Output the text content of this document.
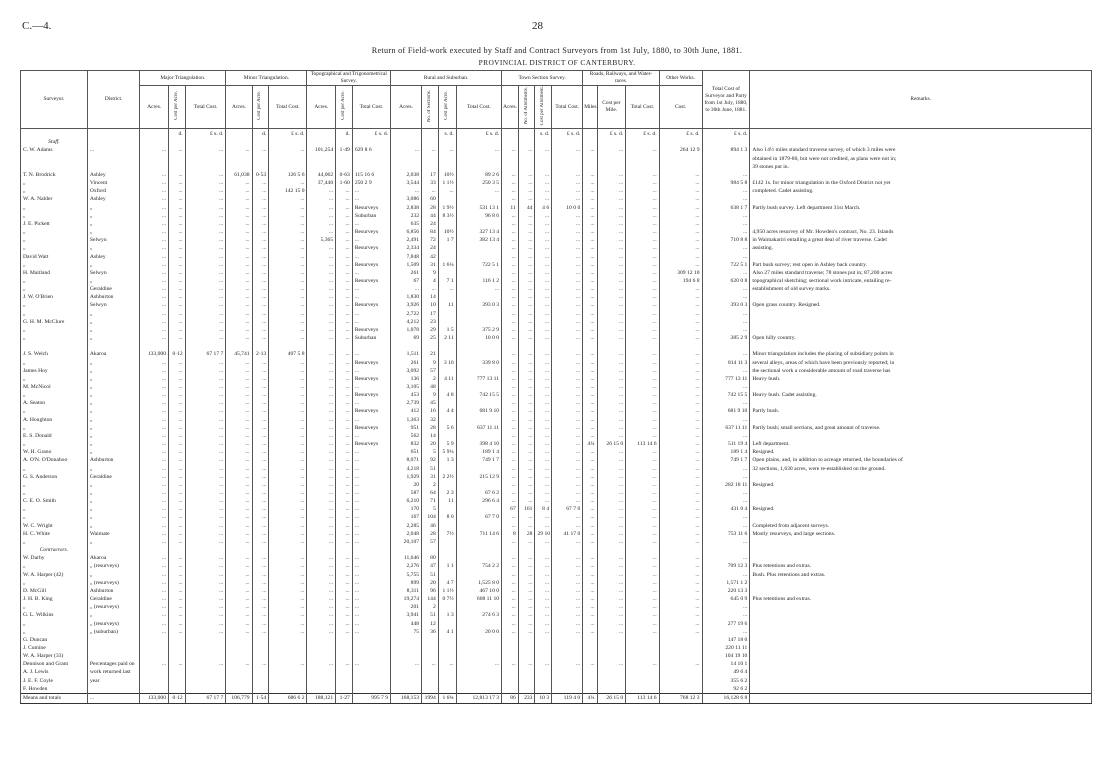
C.—4.	28
Return of Field-work executed by Staff and Contract Surveyors from 1st July, 1880, to 30th June, 1881.
PROVINCIAL DISTRICT OF CANTERBURY.
Surveyor.	District.	Major Triangulation.			Minor Triangulation.			Topographical and Trigonometrical Survey.			Rural and Suburban.				Town Section Survey.				Roads, Railways, and Water-races.			Other Works.	Total Cost of Surveyor and Party from 1st July, 1880, to 30th June, 1881.	Remarks.
		Acres.	Cost per Acre.	Total Cost.	Acres.	Cost per Acre.	Total Cost.	Acres.	Cost per Acre.	Total Cost.	Acres.	No. of Sections.	Cost per Acre.	Total Cost.	Acres.	No. of Allotments.	Cost per Allotment.	Total Cost.	Miles.	Cost per Mile.	Total Cost.	Cost.		
			d.	£ s. d.		d.	£ s. d.		d.	£ s. d.			s. d.	£ s. d.			s. d.	£ s. d.		£ s. d.	£ s. d.	£ s. d.	£ s. d.	
Staff.																								
C. W. Adams	...	...	...	...	...	...	...	101,254	1·49	629 8 6	...	...	...	...	...	...	...	...	...	...	...	264 12 9	894 1 3	Also 14½ miles standard traverse survey, of which 3 miles were
																								obtained in 1879-80, but were not credited, as plans were not in;
																								39 stones put in.
T. N. Brodrick	Ashley	...	...	...	61,038	0·53	126 5 6	44,062	0·63	115 16 6	2,038	17	10½	89 2 6	...	...	...	...	...	...	...	...	...	
„	Vincent	...	...	...	...	...	...	37,440	1·60	250 2 9	3,544	33	1 1½	250 3 5	...	...	...	...	...	...	...	...	984 5 8	£142 1s. for minor triangulation in the Oxford District not yet
„	Oxford	...	...	...	...	...	142 15 0	...	...	...	...	...	...	...	...	...	...	...	...	...	...	...	...	completed. Cadet assisting.
W. A. Nalder	Ashley	...	...	...	...	...	...	...	...	...	3,086	60			...	...	...	...	...	...	...	...	...	
„	„	...	...	...	...	...	...	...	...	Resurveys	2,838	28	1 9½	531 13 1	11	44	4 6	10 0 0	...	...	...	...	638 1 7	Partly bush survey. Left department 31st March.
„	„	...	...	...	...	...	...	...	...	Suburban	232	44	8 3½	96 8 6	...	...	...	...	...	...	...	...	...	
J. E. Pickett	„	...	...	...	...	...	...	...	...	...	635	24			...	...	...	...	...	...	...	...	...	
„	„	...	...	...	...	...	...	...	...	Resurveys	6,856	84	10½	327 13 4	...	...	...	...	...	...	...	...	...	4,950 acres resurvey of Mr. Howden's contract, No. 23. Islands
„	Selwyn	...	...	...	...	...	...	5,365	...	...	2,491	72	1 7	382 13 4	...	...	...	...	...	...	...	...	710 8 8	in Waimakariri entailing a great deal of river traverse. Cadet
„	„	...	...	...	...	...	...	...	...	Resurveys	2,334	24			...	...	...	...	...	...	...	...	...	assisting.
David Watt	Ashley	...	...	...	...	...	...	...	...	...	7,848	42			...	...	...	...	...	...	...	...	...	
„	„	...	...	...	...	...	...	...	...	Resurveys	1,509	31	1 6¼	722 5 1	...	...	...	...	...	...	...	...	722 5 1	Part bush survey; rest open in Ashley back country.
H. Maitland	Selwyn	...	...	...	...	...	...	...	...	...	261	9			...	...	...	...	...	...	...	309 12 10	...	Also 27 miles standard traverse; 78 stones put in; 87,200 acres
„	„	...	...	...	...	...	...	...	...	Resurveys	67	4	7 1	116 1 2	...	...	...	...	...	...	...	194 6 8	620 0 8	topographical sketching; sectional work intricate, entailing re-
„	Geraldine	...	...	...	...	...	...	...	...	...	...	...	...	...	...	...	...	...	...	...	...	...	...	establishment of old survey marks.
J. W. O'Brien	Ashburton	...	...	...	...	...	...	...	...	...	1,830	14			...	...	...	...	...	...	...	...	...	
„	Selwyn	...	...	...	...	...	...	...	...	Resurveys	3,926	10	11	393 0 3	...	...	...	...	...	...	...	...	393 0 3	Open grass country. Resigned.
„	„	...	...	...	...	...	...	...	...	...	2,722	17			...	...	...	...	...	...	...	...	...	
G. H. M. McClure	„	...	...	...	...	...	...	...	...	...	4,212	23			...	...	...	...	...	...	...	...	...	
„	„	...	...	...	...	...	...	...	...	Resurveys	1,078	29	1 5	375 2 9	...	...	...	...	...	...	...	...	...	
„	„	...	...	...	...	...	...	...	...	Suburban	69	25	2 11	10 0 0	...	...	...	...	...	...	...	...	385 2 9	Open hilly country.

J. S. Welch	Akaroa	133,000	0·12	67 17 7	45,741	2·13	407 5 8	...	...	...	1,511	21			...	...	...	...	...	...	...	...	...	Minor triangulation includes the placing of subsidiary points in
„	„	...	...	...	...	...	...	...	...	Resurveys	261	9	3 10	339 8 0	...	...	...	...	...	...	...	...	814 11 3	several alleys, areas of which have been previously reported; in
James Hoy	„	...	...	...	...	...	...	...	...	...	3,092	57			...	...	...	...	...	...	...	...	...	the sectional work a considerable amount of road traverse has
„	„	...	...	...	...	...	...	...	...	Resurveys	136	2	4 11	777 13 11	...	...	...	...	...	...	...	...	777 13 11	Heavy bush.
M. McNicol	„	...	...	...	...	...	...	...	...	...	3,105	48			...	...	...	...	...	...	...	...	...	
„	„	...	...	...	...	...	...	...	...	Resurveys	453	9	4 8	742 15 5	...	...	...	...	...	...	...	...	742 15 5	Heavy bush. Cadet assisting.
A. Seaton	„	...	...	...	...	...	...	...	...	...	2,739	45			...	...	...	...	...	...	...	...	...	
„	„	...	...	...	...	...	...	...	...	Resurveys	412	16	4 4	681 9 10	...	...	...	...	...	...	...	...	681 9 10	Partly bush.
A. Houghton	„	...	...	...	...	...	...	...	...	...	1,363	32			...	...	...	...	...	...	...	...	...	
„	„	...	...	...	...	...	...	...	...	Resurveys	951	28	5 6	637 11 11	...	...	...	...	...	...	...	...	637 11 11	Partly bush; small sections, and great amount of traverse.
E. S. Donald	„	...	...	...	...	...	...	...	...	...	562	14			...	...	...	...	...	...	...	...	...	
„	„	...	...	...	...	...	...	...	...	Resurveys	832	20	5 9	398 4 10	...	...	...	...	4¼	26 15 0	113 14 6	...	511 19 4	Left department.
W. H. Grano	„	...	...	...	...	...	...	...	...	...	651	5	5 9¼	189 1 4	...	...	...	...	...	...	...	...	189 1 4	Resigned.
A. O'N. O'Donahoo	Ashburton	...	...	...	...	...	...	...	...	...	8,071	92	1 3	749 1 7	...	...	...	...	...	...	...	...	749 1 7	Open plains, and, in addition to acreage returned, the boundaries of
„	„	...	...	...	...	...	...	...	...	...	4,218	51			...	...	...	...	...	...	...	...	...	32 sections, 1,630 acres, were re-established on the ground.
G. S. Anderson	Geraldine	...	...	...	...	...	...	...	...	...	1,929	31	2 2½	215 12 9	...	...	...	...	...	...	...	...	...	
„	„	...	...	...	...	...	...	...	...	...	20	2			...	...	...	...	...	...	...	...	282 18 11	Resigned.
„	„	...	...	...	...	...	...	...	...	...	587	64	2 3	67 6 2	...	...	...	...	...	...	...	...	...	
C. E. O. Smith	„	...	...	...	...	...	...	...	...	...	6,210	71	11	296 6 4	...	...	...	...	...	...	...	...	...	
„	„	...	...	...	...	...	...	...	...	...	170	5			67	161	8 4	67 7 0	...	...	...	...	431 0 4	Resigned.
„	„	...	...	...	...	...	...	...	...	...	167	104	8 0	67 7 0	...	...	...	...	...	...	...	...	...	
W. C. Wright	„	...	...	...	...	...	...	...	...	...	2,285	46			...	...	...	...	...	...	...	...	...	Completed from adjacent surveys.
H. C. White	Waimate	...	...	...	...	...	...	...	...	...	2,048	28	7½	711 14 6	8	28	29 10	41 17 0	...	...	...	...	753 11 6	Mostly resurveys, and large sections.
„	„	...	...	...	...	...	...	...	...	...	20,107	57			...	...	...	...	...	...	...	...	...	
Contractors.																								
W. Darby	Akaroa	...	...	...	...	...	...	...	...	...	11,646	80			...	...	...	...	...	...	...	...	...	
„	„ (resurveys)	...	...	...	...	...	...	...	...	...	2,276	47	1 1	754 2 2	...	...	...	...	...	...	...	...	709 12 3	Plus retentions and extras.
W. A. Harper (42)	„	...	...	...	...	...	...	...	...	...	5,755	51			...	...	...	...	...	...	...	...	...	Bush. Plus retentions and extras.
„	„ (resurveys)	...	...	...	...	...	...	...	...	...	899	20	4 7	1,525 8 0	...	...	...	...	...	...	...	...	1,571 1 2	
D. McGill	Ashburton	...	...	...	...	...	...	...	...	...	8,311	96	1 1½	467 10 0	...	...	...	...	...	...	...	...	220 13 3	
J. H. B. King	Geraldine	...	...	...	...	...	...	...	...	...	19,274	144	0 7½	608 11 10	...	...	...	...	...	...	...	...	645 0 9	Plus retentions and extras.
„	„ (resurveys)	...	...	...	...	...	...	...	...	...	201	2			...	...	...	...	...	...	...	...	...	
G. L. Wilkins	„	...	...	...	...	...	...	...	...	...	3,941	51	1 3	274 6 3	...	...	...	...	...	...	...	...	...	
„	„ (resurveys)	...	...	...	...	...	...	...	...	...	448	12			...	...	...	...	...	...	...	...	277 19 6	
„	„ (suburban)	...	...	...	...	...	...	...	...	...	75	36	4 1	20 0 0	...	...	...	...	...	...	...	...	...	
G. Duncan																							147 18 0	
J. Cumine																							220 11 11	
W. A. Harper (33)																							104 19 10	
Dennison and Grant	Percentages paid on	...	...	...	...	...	...	...	...	...	...	...	...	...	...	...	...	...	...	...	...	...	14 10 1	
A. J. Lewis	work returned last																						49 6 4	
J. E. F. Coyle	year																						355 6 2	
F. Howden																							92 6 2	
Means and totals	...	133,000	0·12	67 17 7	106,779	1·54	686 6 2	188,121	1·27	995 7 9	168,153	1994	1 6¾	12,813 17 3	86	233	10 3	119 4 0	4¼	26 15 0	113 14 6	768 12 3	16,128 6 8	
